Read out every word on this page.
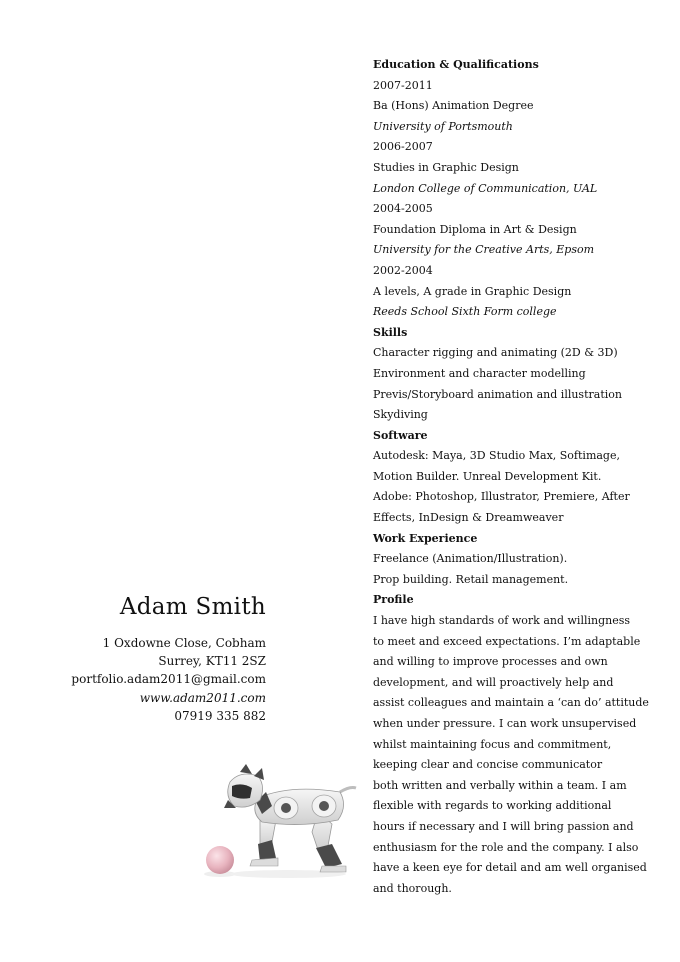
Education & Qualifications
2007-2011
Ba (Hons) Animation Degree
University of Portsmouth
2006-2007
Studies in Graphic Design
London College of Communication, UAL
2004-2005
Foundation Diploma in Art & Design
University for the Creative Arts, Epsom
2002-2004
A levels, A grade in Graphic Design
Reeds School Sixth Form college
Skills
Character rigging and animating (2D & 3D)
Environment and character modelling
Previs/Storyboard animation and illustration
Skydiving
Software
Autodesk: Maya, 3D Studio Max, Softimage,
Motion Builder. Unreal Development Kit.
Adobe: Photoshop, Illustrator, Premiere, After
Effects, InDesign & Dreamweaver
Work Experience
Freelance (Animation/Illustration).
Prop building. Retail management.
Profile
I have high standards of work and willingness
to meet and exceed expectations. I’m adaptable
and willing to improve processes and own
development, and will proactively help and
assist colleagues and maintain a ‘can do’ attitude
when under pressure. I can work unsupervised
whilst maintaining focus and commitment,
keeping clear and concise communicator
both written and verbally within a team. I am
flexible with regards to working additional
hours if necessary and I will bring passion and
enthusiasm for the role and the company. I also
have a keen eye for detail and am well organised
and thorough.
Adam Smith
1 Oxdowne Close, Cobham
Surrey, KT11 2SZ
portfolio.adam2011@gmail.com
www.adam2011.com
07919 335 882
